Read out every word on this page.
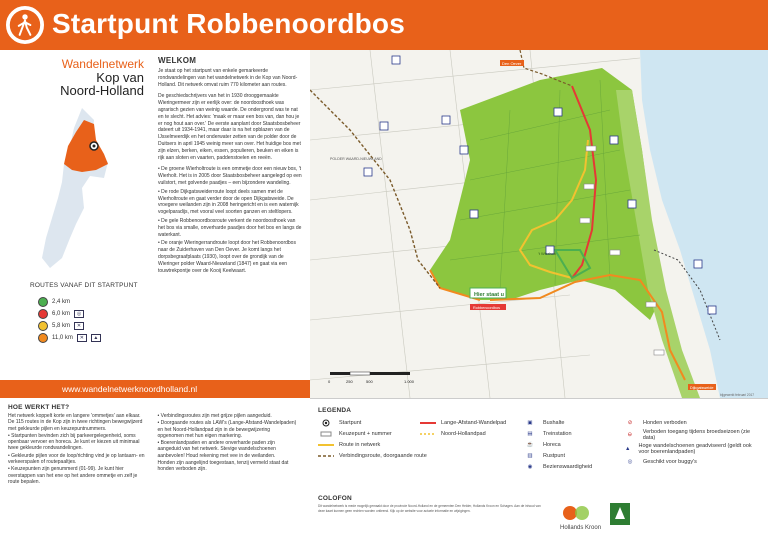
Startpunt Robbenoordbos
Wandelnetwerk
Kop van
Noord-Holland
ROUTES VANAF DIT STARTPUNT
2,4 km
6,0 km	◎
5,8 km	✕
11,0 km	✕	▲
WELKOM

Je staat op het startpunt van enkele gemarkeerde rondwandelingen van het wandelnetwerk in de Kop van Noord-Holland. Dit netwerk omvat ruim 770 kilometer aan routes.

De geschiedschrijvers van het in 1930 drooggemaakte Wieringermeer zijn er eerlijk over: de noordoosthoek was agrarisch gezien van weinig waarde. De ondergrond was te nat en te slecht. Het advies: 'maak er maar een bos van, dan hou je er nog hout aan over.' De eerste aanplant door Staatsbosbeheer dateert uit 1934-1941, maar daar is na het opblazen van de IJsselmeerdijk en het onderwater zetten van de polder door de Duitsers in april 1945 weinig meer van over. Het huidige bos met zijn elzen, berken, eiken, essen, populieren, beuken en eiken is rijk aan sloten en vaarten, paddenstoelen en reeën.

• De groene Wierholtroute is een ommetje door een nieuw bos, 't Wierholt. Het is in 2005 door Staatsbosbeheer aangelegd op een vuilstort, met golvende paadjes – een bijzondere wandeling.

• De rode Dijkgatsweiderroute loopt deels samen met de Wierholtroute en gaat verder door de open Dijkgatsweide. De vroegere weilanden zijn in 2008 heringericht en is een waternijk vogelparadijs, met vooral veel soorten ganzen en steltlopers.

• De gele Robbenoordbosroute verkent de noordoosthoek van het bos via smalle, onverharde paadjes door het bos en langs de waterkant.

• De oranje Wieringerrandroute loopt door het Robbenoordbos naar de Zuiderhaven van Den Oever. Je komt langs het dorpsbegraafplaats (1930), loopt over de grondijk van de Wieringer polder Waard-Nieuwland (1847) en gaat via een touwtrekpontje over de Kooij Keelwaart.

www.wandelnetwerknoordholland.nl
Den Oever
Hier staat u
Robbenoordbos
Dijkgatsweide
POLDER WAARD-NIEUWLAND
't Wierholt
0	250	500	1.000
bijgewerkt februari 2017
HOE WERKT HET?

Het netwerk koppelt korte en langere 'ommetjes' aan elkaar. De 115 routes in de Kop zijn in twee richtingen bewegwijzerd met gekleurde pijlen en keuzepuntnummers.

• Startpunten bevinden zich bij parkeergelegenheid, soms openbaar vervoer en horeca. Je kunt er kiezen uit minimaal twee gekleurde rondwandelingen.

• Gekleurde pijlen voor de loop/richting vind je op lantaarn- en verkeerspalen of routepaaltjes.

• Keuzepunten zijn genummerd (01-99). Je kunt hier overstappen van het ene op het andere ommetje en zelf je route bepalen.

• Verbindingsroutes zijn met grijze pijlen aangeduid.

• Doorgaande routes als LAW's (Lange-Afstand-Wandelpaden) en het Noord-Hollandpad zijn in de bewegwijzering opgenomen met hun eigen markering.

• Boerenlandpaden en andere onverharde paden zijn aangeduid van het netwerk. Stevige wandelschoenen aanbevolen! Houd rekening met vee in de weilanden.

Honden zijn aangelijnd toegestaan, tenzij vermeld staat dat honden verboden zijn.

LEGENDA
Startpunt
Keuzepunt + nummer
Route in netwerk
Verbindingsroute, doorgaande route
Lange-Afstand-Wandelpad
Noord-Hollandpad
▣	Bushalte
▤	Treinstation
☕	Horeca
▥	Rustpunt
◉	Bezienswaardigheid
⊘	Honden verboden
⊖	Verboden toegang tijdens broedseizoen (zie data)
▲	Hoge wandelschoenen geadviseerd (geldt ook voor boerenlandpaden)
◎	Geschikt voor buggy's
COLOFON

Dit wandelnetwerk is mede mogelijk gemaakt door de provincie Noord-Holland en de gemeenten Den Helder, Hollands Kroon en Schagen. Aan de inhoud van deze kaart kunnen geen rechten worden ontleend. Kijk op de website voor actuele informatie en wijzigingen.

Hollands Kroon
